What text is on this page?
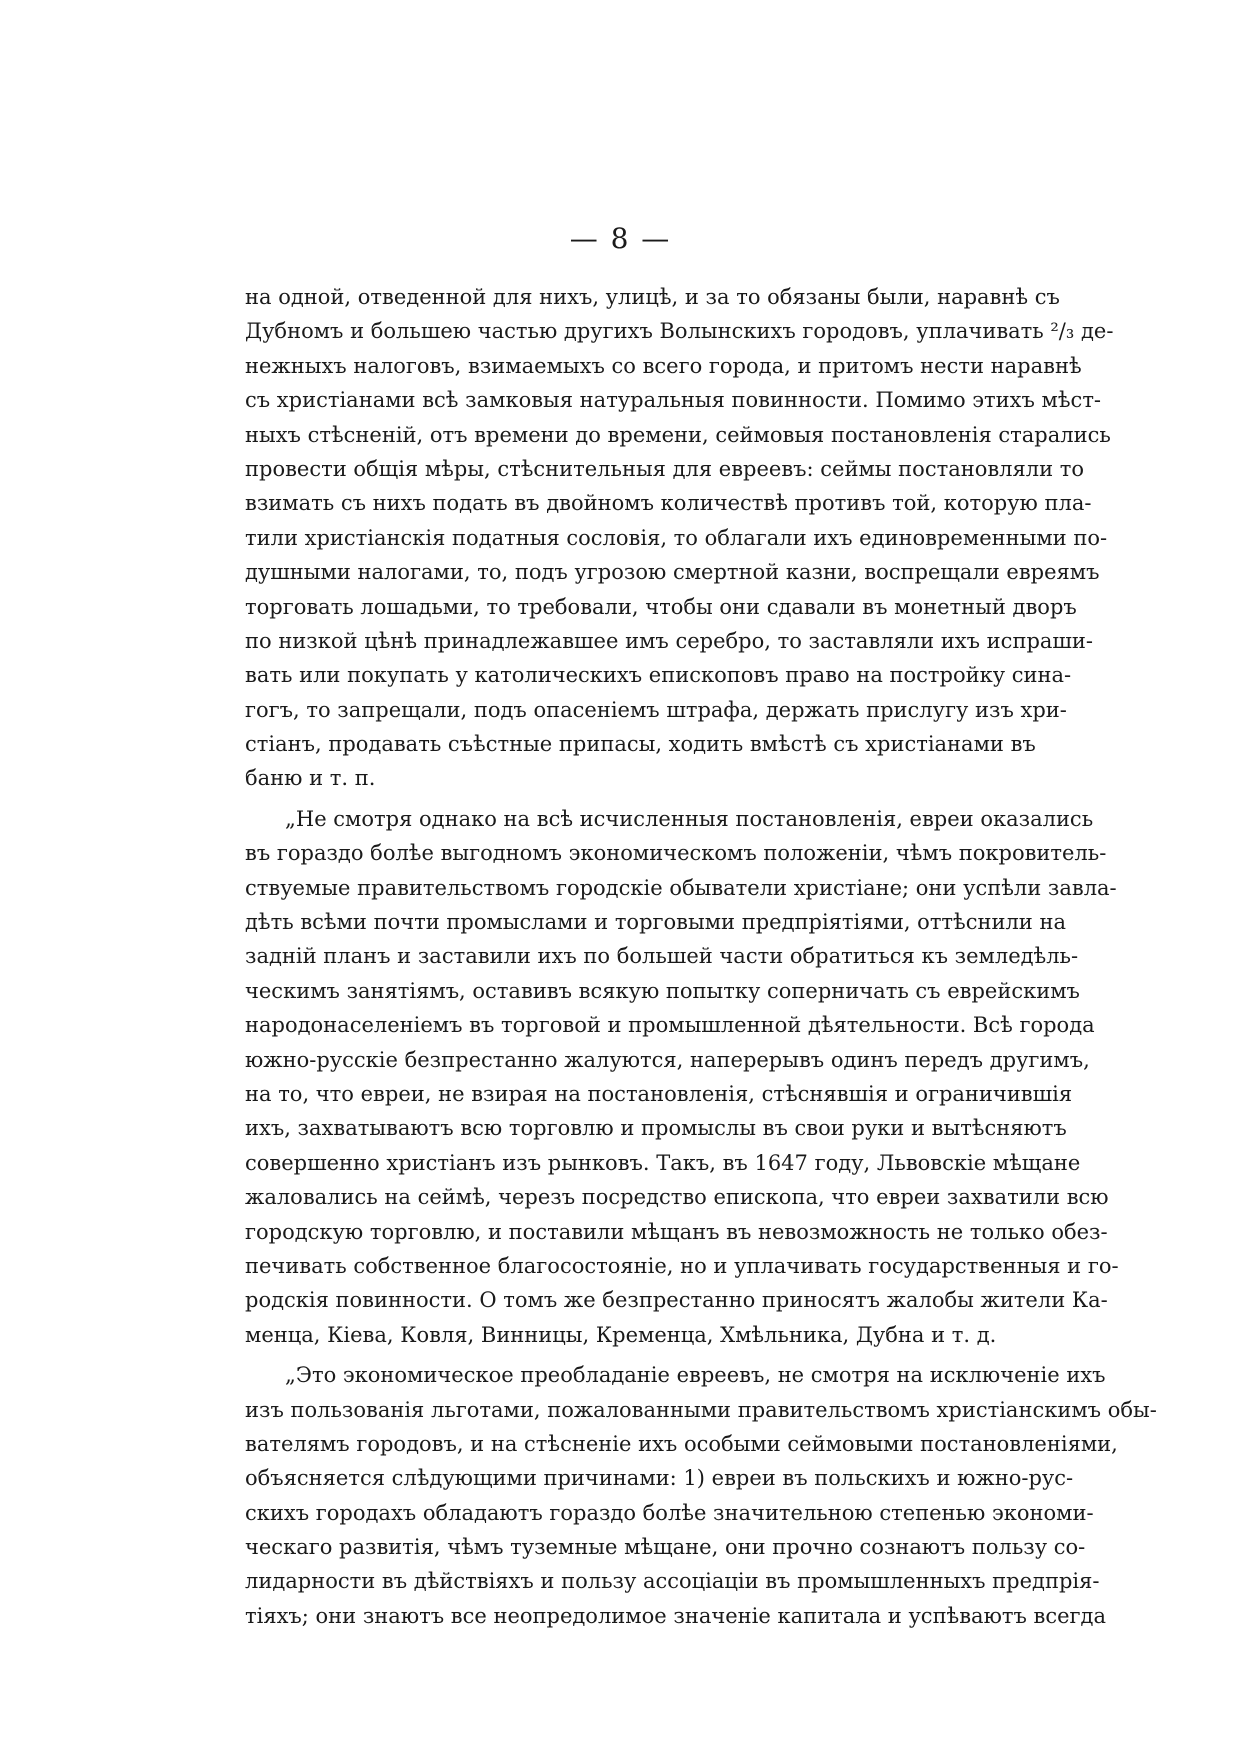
— 8 —
на одной, отведенной для нихъ, улицѣ, и за то обязаны были, наравнѣ съ
Дубномъ и большею частью другихъ Волынскихъ городовъ, уплачивать ²/₃ де-
нежныхъ налоговъ, взимаемыхъ со всего города, и притомъ нести наравнѣ
съ христіанами всѣ замковыя натуральныя повинности. Помимо этихъ мѣст-
ныхъ стѣсненій, отъ времени до времени, сеймовыя постановленія старались
провести общія мѣры, стѣснительныя для евреевъ: сеймы постановляли то
взимать съ нихъ подать въ двойномъ количествѣ противъ той, которую пла-
тили христіанскія податныя сословія, то облагали ихъ единовременными по-
душными налогами, то, подъ угрозою смертной казни, воспрещали евреямъ
торговать лошадьми, то требовали, чтобы они сдавали въ монетный дворъ
по низкой цѣнѣ принадлежавшее имъ серебро, то заставляли ихъ испраши-
вать или покупать у католическихъ епископовъ право на постройку сина-
гогъ, то запрещали, подъ опасеніемъ штрафа, держать прислугу изъ хри-
стіанъ, продавать съѣстные припасы, ходить вмѣстѣ съ христіанами въ
баню и т. п.
„Не смотря однако на всѣ исчисленныя постановленія, евреи оказались
въ гораздо болѣе выгодномъ экономическомъ положеніи, чѣмъ покровитель-
ствуемые правительствомъ городскіе обыватели христіане; они успѣли завла-
дѣть всѣми почти промыслами и торговыми предпріятіями, оттѣснили на
задній планъ и заставили ихъ по большей части обратиться къ земледѣль-
ческимъ занятіямъ, оставивъ всякую попытку соперничать съ еврейскимъ
народонаселеніемъ въ торговой и промышленной дѣятельности. Всѣ города
южно-русскіе безпрестанно жалуются, наперерывъ одинъ передъ другимъ,
на то, что евреи, не взирая на постановленія, стѣснявшія и ограничившія
ихъ, захватываютъ всю торговлю и промыслы въ свои руки и вытѣсняютъ
совершенно христіанъ изъ рынковъ. Такъ, въ 1647 году, Львовскіе мѣщане
жаловались на сеймѣ, черезъ посредство епископа, что евреи захватили всю
городскую торговлю, и поставили мѣщанъ въ невозможность не только обез-
печивать собственное благосостояніе, но и уплачивать государственныя и го-
родскія повинности. О томъ же безпрестанно приносятъ жалобы жители Ка-
менца, Кіева, Ковля, Винницы, Кременца, Хмѣльника, Дубна и т. д.
„Это экономическое преобладаніе евреевъ, не смотря на исключеніе ихъ
изъ пользованія льготами, пожалованными правительствомъ христіанскимъ обы-
вателямъ городовъ, и на стѣсненіе ихъ особыми сеймовыми постановленіями,
объясняется слѣдующими причинами: 1) евреи въ польскихъ и южно-рус-
скихъ городахъ обладаютъ гораздо болѣе значительною степенью экономи-
ческаго развитія, чѣмъ туземные мѣщане, они прочно сознаютъ пользу со-
лидарности въ дѣйствіяхъ и пользу ассоціаціи въ промышленныхъ предпрія-
тіяхъ; они знаютъ все неопредолимое значеніе капитала и успѣваютъ всегда
